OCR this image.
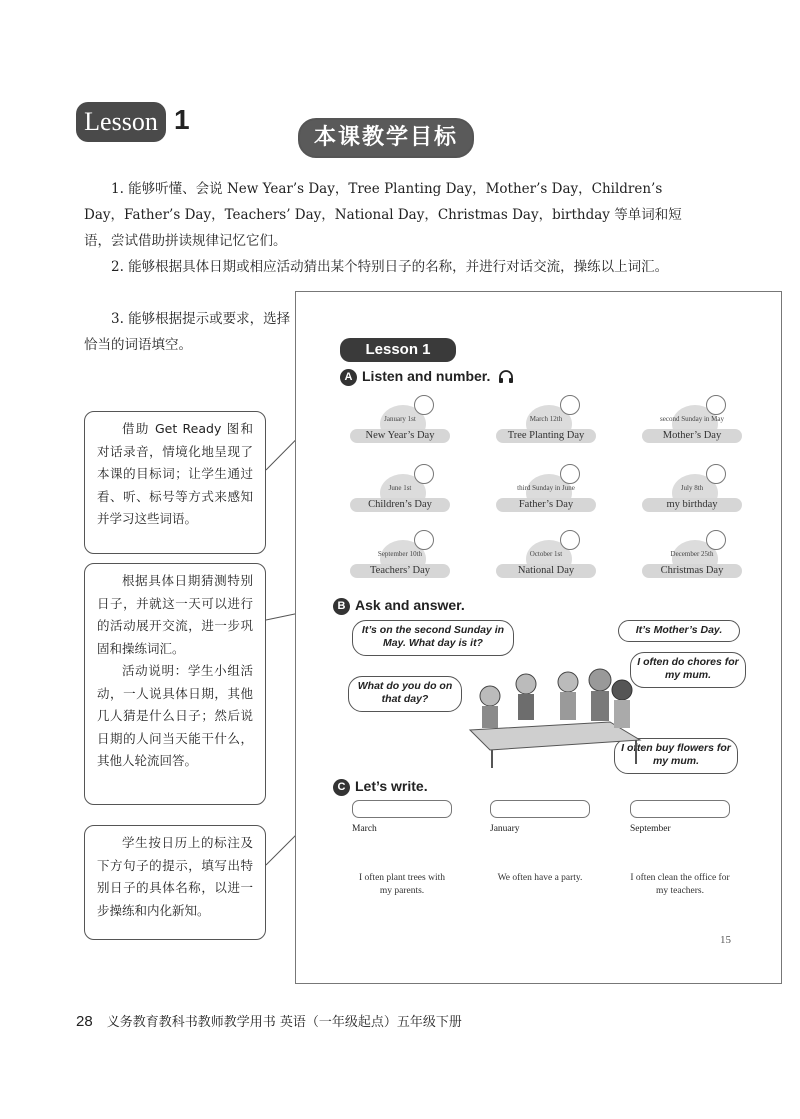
Lesson 1
本课教学目标
1. 能够听懂、会说 New Year’s Day，Tree Planting Day，Mother’s Day，Children’s Day，Father’s Day，Teachers’ Day，National Day，Christmas Day，birthday 等单词和短语，尝试借助拼读规律记忆它们。
2. 能够根据具体日期或相应活动猜出某个特别日子的名称，并进行对话交流，操练以上词汇。
3. 能够根据提示或要求，选择恰当的词语填空。

借助 Get Ready 图和对话录音，情境化地呈现了本课的目标词；让学生通过看、听、标号等方式来感知并学习这些词语。

根据具体日期猜测特别日子，并就这一天可以进行的活动展开交流，进一步巩固和操练词汇。

活动说明：学生小组活动，一人说具体日期，其他几人猜是什么日子；然后说日期的人问当天能干什么，其他人轮流回答。

学生按日历上的标注及下方句子的提示，填写出特别日子的具体名称，以进一步操练和内化新知。

Lesson 1
A Listen and number.
January 1st
New Year’s Day
March 12th
Tree Planting Day
second Sunday in May
Mother’s Day
June 1st
Children’s Day
third Sunday in June
Father’s Day
July 8th
my birthday
September 10th
Teachers’ Day
October 1st
National Day
December 25th
Christmas Day
B Ask and answer.
It’s on the second Sunday in May. What day is it?
It’s Mother’s Day.
What do you do on that day?
I often do chores for my mum.
I often buy flowers for my mum.
C Let’s write.
March
I often plant trees with my parents.
January
We often have a party.
September
I often clean the office for my teachers.
15
28 义务教育教科书教师教学用书 英语（一年级起点）五年级下册
